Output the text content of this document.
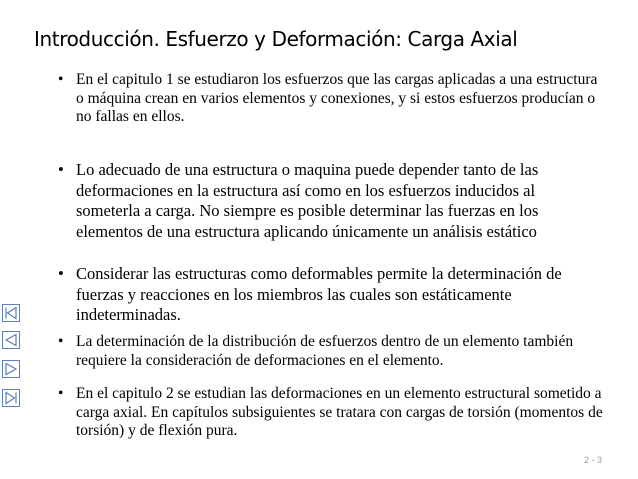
Introducción. Esfuerzo y Deformación: Carga Axial
• En el capitulo 1 se estudiaron los esfuerzos que las cargas aplicadas a una estructura o máquina crean en varios elementos y conexiones, y si estos esfuerzos producían o no fallas en ellos.
• Lo adecuado de una estructura o maquina puede depender tanto de las deformaciones en la estructura así como en los esfuerzos inducidos al someterla a carga. No siempre es posible determinar las fuerzas en los elementos de una estructura aplicando únicamente un análisis estático
• Considerar las estructuras como deformables permite la determinación de fuerzas y reacciones en los miembros las cuales son estáticamente indeterminadas.
• La determinación de la distribución de esfuerzos dentro de un elemento también requiere la consideración de deformaciones en el elemento.
• En el capitulo 2 se estudian las deformaciones en un elemento estructural sometido a carga axial. En capítulos subsiguientes se tratara con cargas de torsión (momentos de torsión) y de flexión pura.
2 - 3
